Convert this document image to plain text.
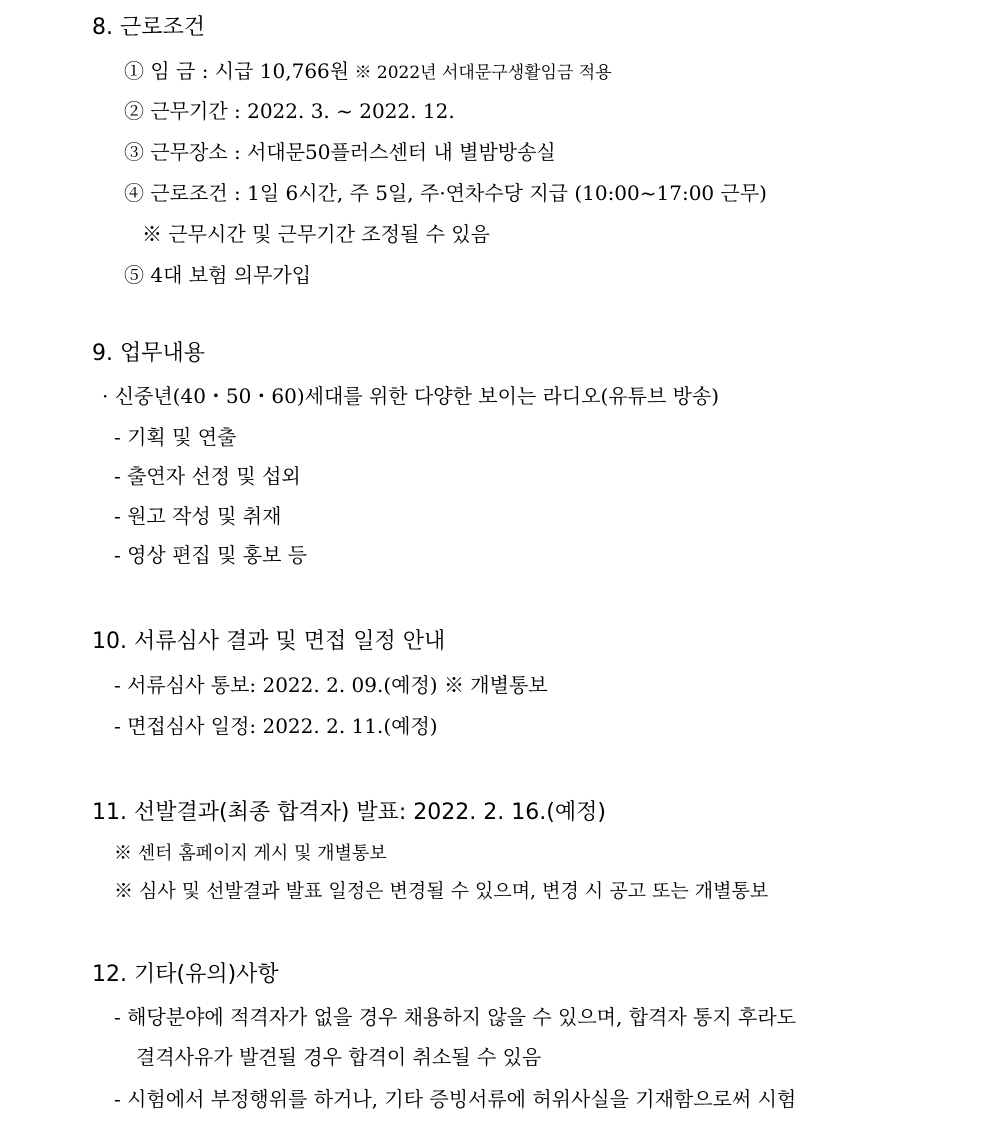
8. 근로조건
① 임 금 : 시급 10,766원 ※ 2022년 서대문구생활임금 적용
② 근무기간 : 2022. 3. ~ 2022. 12.
③ 근무장소 : 서대문50플러스센터 내 별밤방송실
④ 근로조건 : 1일 6시간, 주 5일, 주·연차수당 지급 (10:00~17:00 근무)
※ 근무시간 및 근무기간 조정될 수 있음
⑤ 4대 보험 의무가입
9. 업무내용
· 신중년(40・50・60)세대를 위한 다양한 보이는 라디오(유튜브 방송)
- 기획 및 연출
- 출연자 선정 및 섭외
- 원고 작성 및 취재
- 영상 편집 및 홍보 등
10. 서류심사 결과 및 면접 일정 안내
- 서류심사 통보: 2022. 2. 09.(예정) ※ 개별통보
- 면접심사 일정: 2022. 2. 11.(예정)
11. 선발결과(최종 합격자) 발표: 2022. 2. 16.(예정)
※ 센터 홈페이지 게시 및 개별통보
※ 심사 및 선발결과 발표 일정은 변경될 수 있으며, 변경 시 공고 또는 개별통보
12. 기타(유의)사항
- 해당분야에 적격자가 없을 경우 채용하지 않을 수 있으며, 합격자 통지 후라도
결격사유가 발견될 경우 합격이 취소될 수 있음
- 시험에서 부정행위를 하거나, 기타 증빙서류에 허위사실을 기재함으로써 시험
